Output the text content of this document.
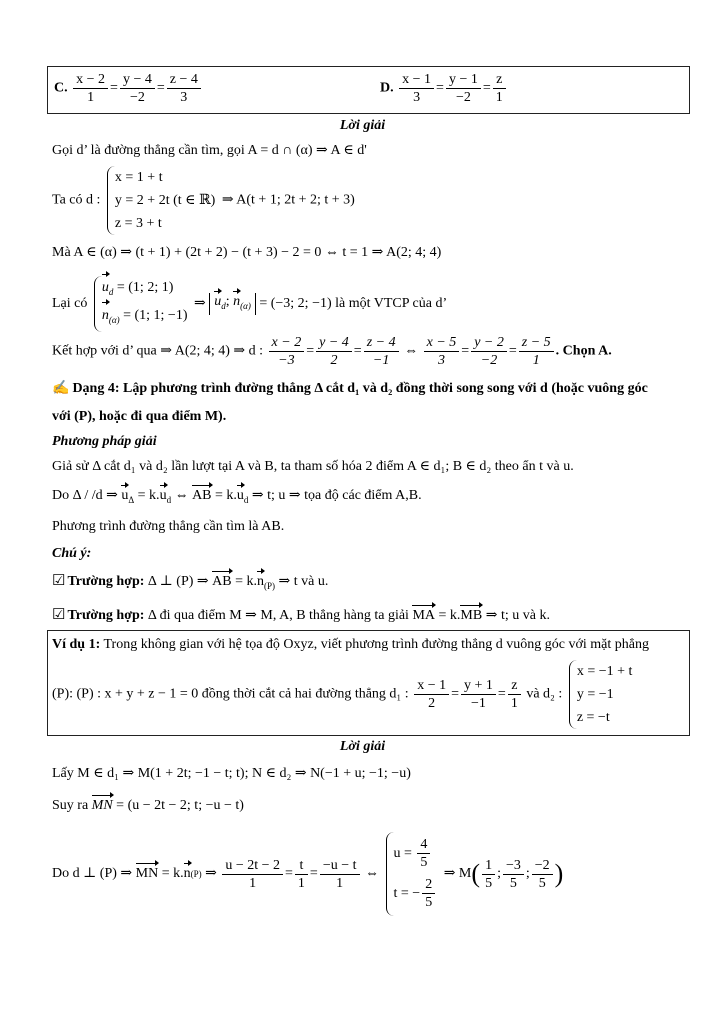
C. $\frac{x - 2}{1} = \frac{y - 4}{-2} = \frac{z - 4}{3}$	D. $\frac{x - 1}{3} = \frac{y - 1}{-2} = \frac{z}{1}$
Lời giải
Gọi d’ là đường thẳng cần tìm, gọi A = d ∩ (α) ⇒ A ∈ d'
Ta có d :
x = 1 + t
y = 2 + 2t (t ∈ ℝ)
z = 3 + t
⇒ A(t + 1; 2t + 2; t + 3)
Mà A ∈ (α) ⇒ (t + 1) + (2t + 2) − (t + 3) − 2 = 0 ⇔ t = 1 ⇒ A(2; 4; 4)
Lại có
$u_d = (1$; 2; 1)
$n_{(\alpha)} = (1$; 1; −1)
⇒ $u_d$; $n_{(\alpha)} = (-3$; 2; −1) là một VTCP của d’
Kết hợp với d’ qua ⇒ A(2; 4; 4) ⇒ d : $\frac{x - 2}{-3} = \frac{y - 4}{2} = \frac{z - 4}{-1}$ ⇔ $\frac{x - 5}{3} = \frac{y - 2}{-2} = \frac{z - 5}{1}$ . Chọn A.
✍ Dạng 4: Lập phương trình đường thẳng Δ cắt d₁ và d₂ đồng thời song song với d (hoặc vuông góc
với (P), hoặc đi qua điểm M).
Phương pháp giải
Giả sử Δ cắt d₁ và d₂ lần lượt tại A và B, ta tham số hóa 2 điểm A ∈ d₁; B ∈ d₂ theo ẩn t và u.
Do Δ / /d ⇒ $u_\Delta = k.u_d$ ⇔ AB = $k.u_d$ ⇒ t; u ⇒ tọa độ các điểm A,B.
Phương trình đường thẳng cần tìm là AB.
Chú ý:
☑ Trường hợp: Δ ⊥ (P) ⇒ AB = $k.n_{(P)}$ ⇒ t và u.
☑ Trường hợp: Δ đi qua điểm M ⇒ M, A, B thẳng hàng ta giải MA = k.MB ⇒ t; u và k.
Ví dụ 1: Trong không gian với hệ tọa độ Oxyz, viết phương trình đường thẳng d vuông góc với mặt phẳng
(P): (P) : x + y + z − 1 = 0 đồng thời cắt cả hai đường thẳng d₁ : $\frac{x - 1}{2} = \frac{y + 1}{-1} = \frac{z}{1}$ và d₂ :
x = −1 + t
y = −1
z = −t
Lời giải
Lấy M ∈ d₁ ⇒ M(1 + 2t; −1 − t; t); N ∈ d₂ ⇒ N(−1 + u; −1; −u)
Suy ra MN = (u − 2t − 2; t; −u − t)
Do d ⊥ (P) ⇒ MN = k.n(P) ⇒ $\frac{u - 2t - 2}{1} = \frac{t}{1} = \frac{-u - t}{1}$ ⇔
$u = \frac{4}{5}$
t = − $\frac{2}{5}$
⇒ $M( \frac{1}{5}$ ; $\frac{-3}{5}$ ; $\frac{-2}{5}$ )
